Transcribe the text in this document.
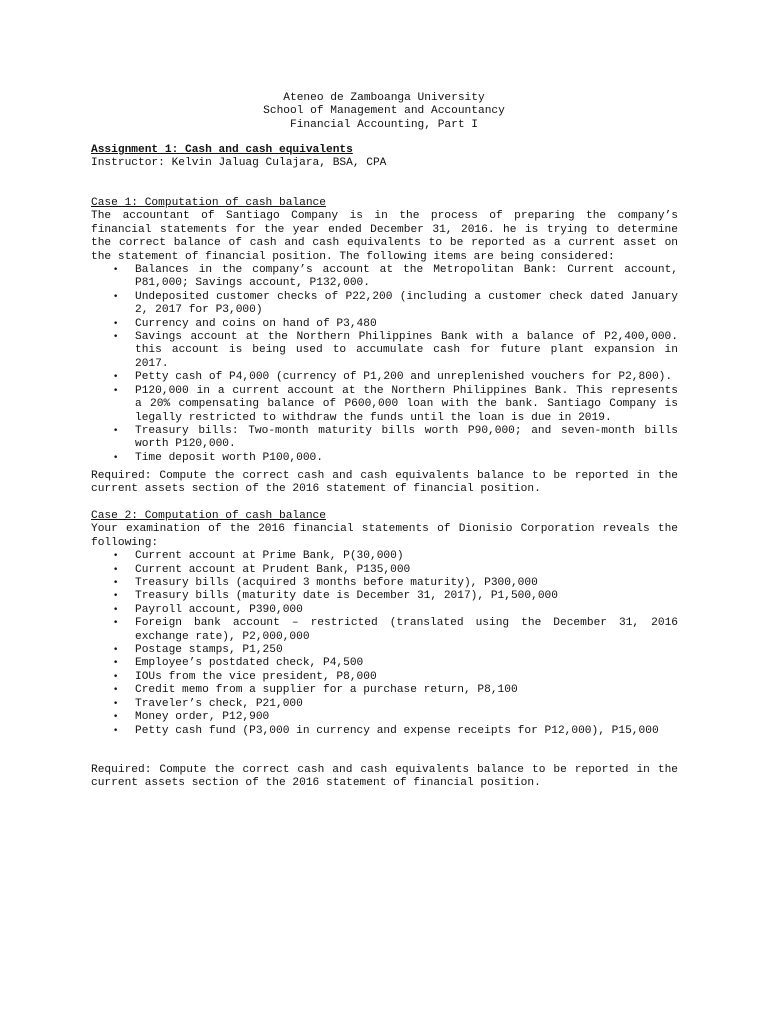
Ateneo de Zamboanga University
School of Management and Accountancy
Financial Accounting, Part I
Assignment 1: Cash and cash equivalents
Instructor: Kelvin Jaluag Culajara, BSA, CPA
Case 1: Computation of cash balance
The accountant of Santiago Company is in the process of preparing the company’s financial statements for the year ended December 31, 2016. he is trying to determine the correct balance of cash and cash equivalents to be reported as a current asset on the statement of financial position. The following items are being considered:
• Balances in the company’s account at the Metropolitan Bank: Current account, P81,000; Savings account, P132,000.
• Undeposited customer checks of P22,200 (including a customer check dated January 2, 2017 for P3,000)
• Currency and coins on hand of P3,480
• Savings account at the Northern Philippines Bank with a balance of P2,400,000. this account is being used to accumulate cash for future plant expansion in 2017.
• Petty cash of P4,000 (currency of P1,200 and unreplenished vouchers for P2,800).
• P120,000 in a current account at the Northern Philippines Bank. This represents a 20% compensating balance of P600,000 loan with the bank. Santiago Company is legally restricted to withdraw the funds until the loan is due in 2019.
• Treasury bills: Two-month maturity bills worth P90,000; and seven-month bills worth P120,000.
• Time deposit worth P100,000.
Required: Compute the correct cash and cash equivalents balance to be reported in the current assets section of the 2016 statement of financial position.
Case 2: Computation of cash balance
Your examination of the 2016 financial statements of Dionisio Corporation reveals the following:
• Current account at Prime Bank, P(30,000)
• Current account at Prudent Bank, P135,000
• Treasury bills (acquired 3 months before maturity), P300,000
• Treasury bills (maturity date is December 31, 2017), P1,500,000
• Payroll account, P390,000
• Foreign bank account – restricted (translated using the December 31, 2016 exchange rate), P2,000,000
• Postage stamps, P1,250
• Employee’s postdated check, P4,500
• IOUs from the vice president, P8,000
• Credit memo from a supplier for a purchase return, P8,100
• Traveler’s check, P21,000
• Money order, P12,900
• Petty cash fund (P3,000 in currency and expense receipts for P12,000), P15,000
Required: Compute the correct cash and cash equivalents balance to be reported in the current assets section of the 2016 statement of financial position.
